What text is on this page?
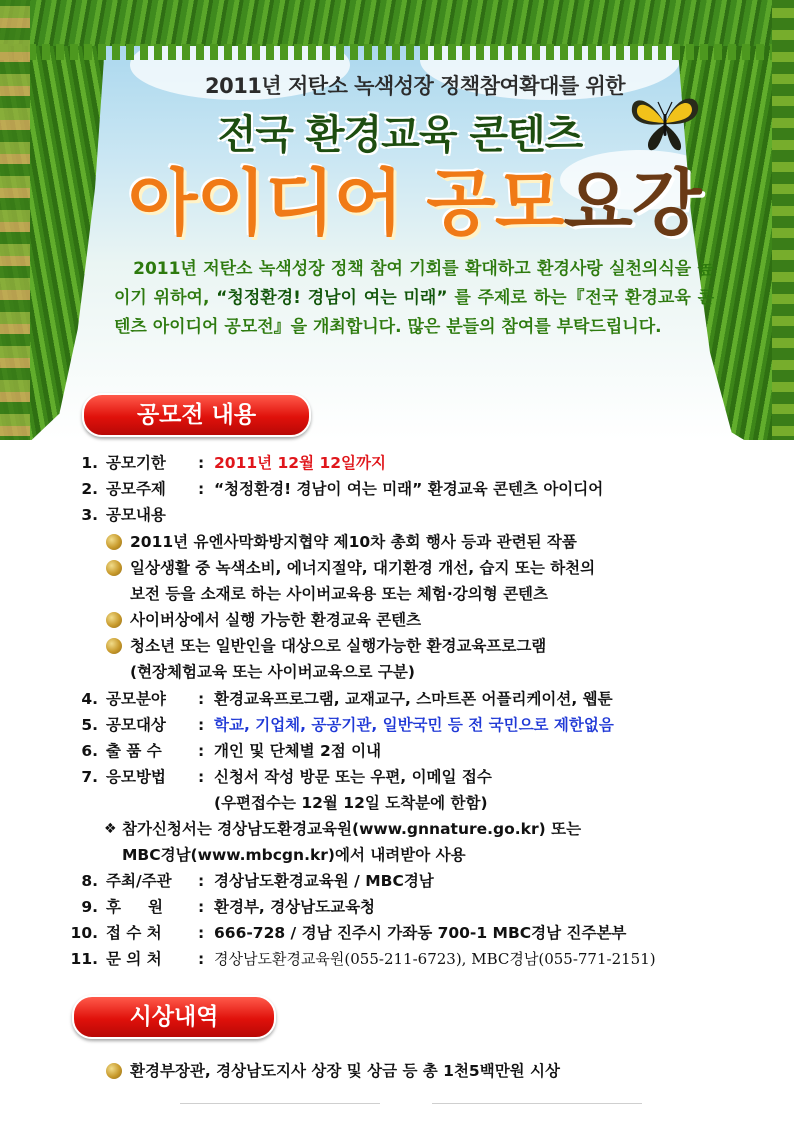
2011년 저탄소 녹색성장 정책참여확대를 위한
전국 환경교육 콘텐츠
아이디어 공모요강
2011년 저탄소 녹색성장 정책 참여 기회를 확대하고 환경사랑 실천의식을 높이기 위하여, “청정환경! 경남이 여는 미래” 를 주제로 하는『전국 환경교육 콘텐츠 아이디어 공모전』을 개최합니다. 많은 분들의 참여를 부탁드립니다.
공모전 내용
1. 공모기한 : 2011년 12월 12일까지
2. 공모주제 : “청정환경! 경남이 여는 미래” 환경교육 콘텐츠 아이디어
3. 공모내용
2011년 유엔사막화방지협약 제10차 총회 행사 등과 관련된 작품
일상생활 중 녹색소비, 에너지절약, 대기환경 개선, 습지 또는 하천의
보전 등을 소재로 하는 사이버교육용 또는 체험·강의형 콘텐츠
사이버상에서 실행 가능한 환경교육 콘텐츠
청소년 또는 일반인을 대상으로 실행가능한 환경교육프로그램
(현장체험교육 또는 사이버교육으로 구분)
4. 공모분야 : 환경교육프로그램, 교재교구, 스마트폰 어플리케이션, 웹툰
5. 공모대상 : 학교, 기업체, 공공기관, 일반국민 등 전 국민으로 제한없음
6. 출 품 수 : 개인 및 단체별 2점 이내
7. 응모방법 : 신청서 작성 방문 또는 우편, 이메일 접수
(우편접수는 12월 12일 도착분에 한함)
❖ 참가신청서는 경상남도환경교육원(www.gnnature.go.kr) 또는
MBC경남(www.mbcgn.kr)에서 내려받아 사용
8. 주최/주관 : 경상남도환경교육원 / MBC경남
9. 후     원 : 환경부, 경상남도교육청
10. 접 수 처 : 666-728 / 경남 진주시 가좌동 700-1 MBC경남 진주본부
11. 문 의 처 : 경상남도환경교육원(055-211-6723), MBC경남(055-771-2151)
시상내역
환경부장관, 경상남도지사 상장 및 상금 등 총 1천5백만원 시상
